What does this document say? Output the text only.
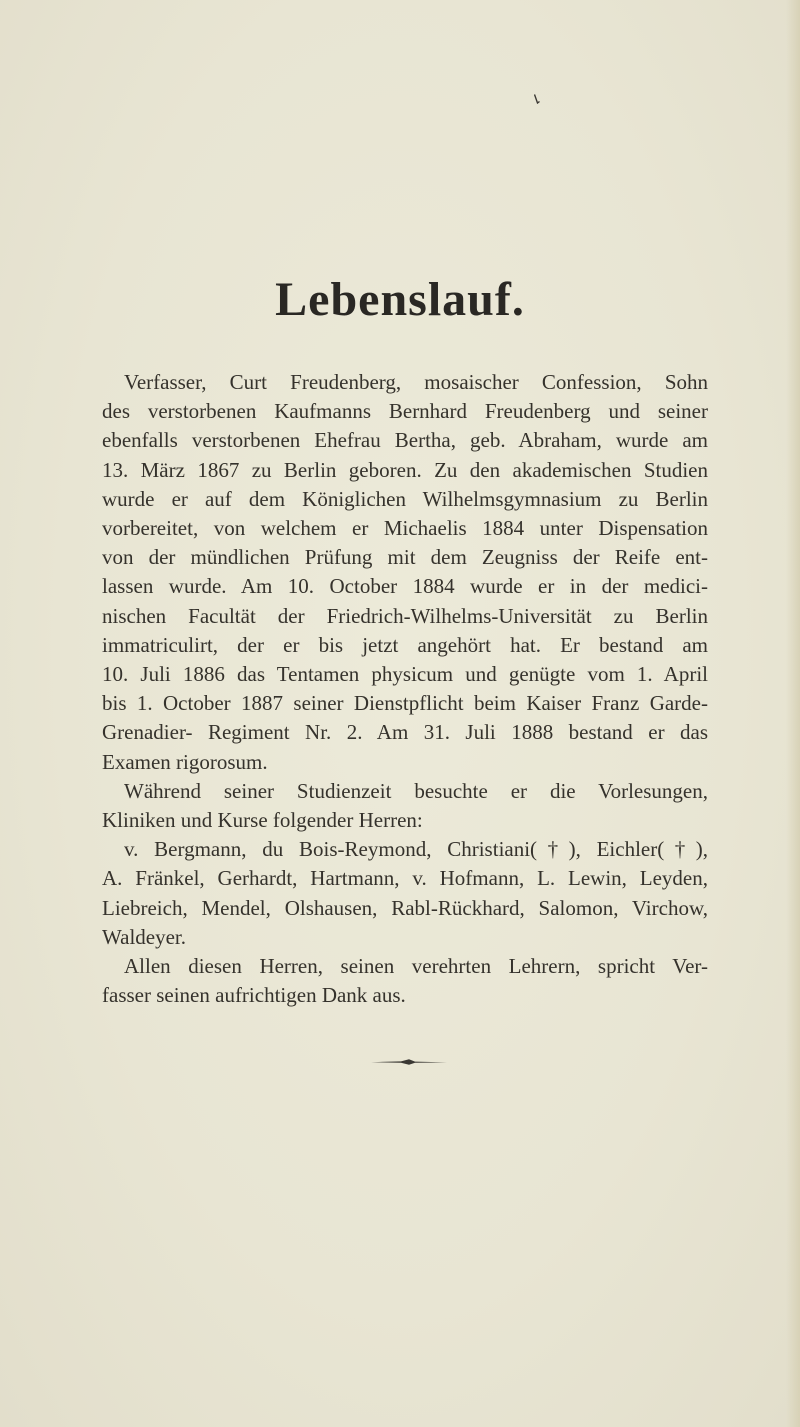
Lebenslauf.
Verfasser, Curt Freudenberg, mosaischer Confession, Sohn
des verstorbenen Kaufmanns Bernhard Freudenberg und seiner
ebenfalls verstorbenen Ehefrau Bertha, geb. Abraham, wurde am
13. März 1867 zu Berlin geboren. Zu den akademischen Studien
wurde er auf dem Königlichen Wilhelmsgymnasium zu Berlin
vorbereitet, von welchem er Michaelis 1884 unter Dispensation
von der mündlichen Prüfung mit dem Zeugniss der Reife ent-
lassen wurde. Am 10. October 1884 wurde er in der medici-
nischen Facultät der Friedrich-Wilhelms-Universität zu Berlin
immatriculirt, der er bis jetzt angehört hat. Er bestand am
10. Juli 1886 das Tentamen physicum und genügte vom 1. April
bis 1. October 1887 seiner Dienstpflicht beim Kaiser Franz Garde-
Grenadier- Regiment Nr. 2. Am 31. Juli 1888 bestand er das
Examen rigorosum.
Während seiner Studienzeit besuchte er die Vorlesungen,
Kliniken und Kurse folgender Herren:
v. Bergmann, du Bois-Reymond, Christiani(†), Eichler(†),
A. Fränkel, Gerhardt, Hartmann, v. Hofmann, L. Lewin, Leyden,
Liebreich, Mendel, Olshausen, Rabl-Rückhard, Salomon, Virchow,
Waldeyer.
Allen diesen Herren, seinen verehrten Lehrern, spricht Ver-
fasser seinen aufrichtigen Dank aus.
